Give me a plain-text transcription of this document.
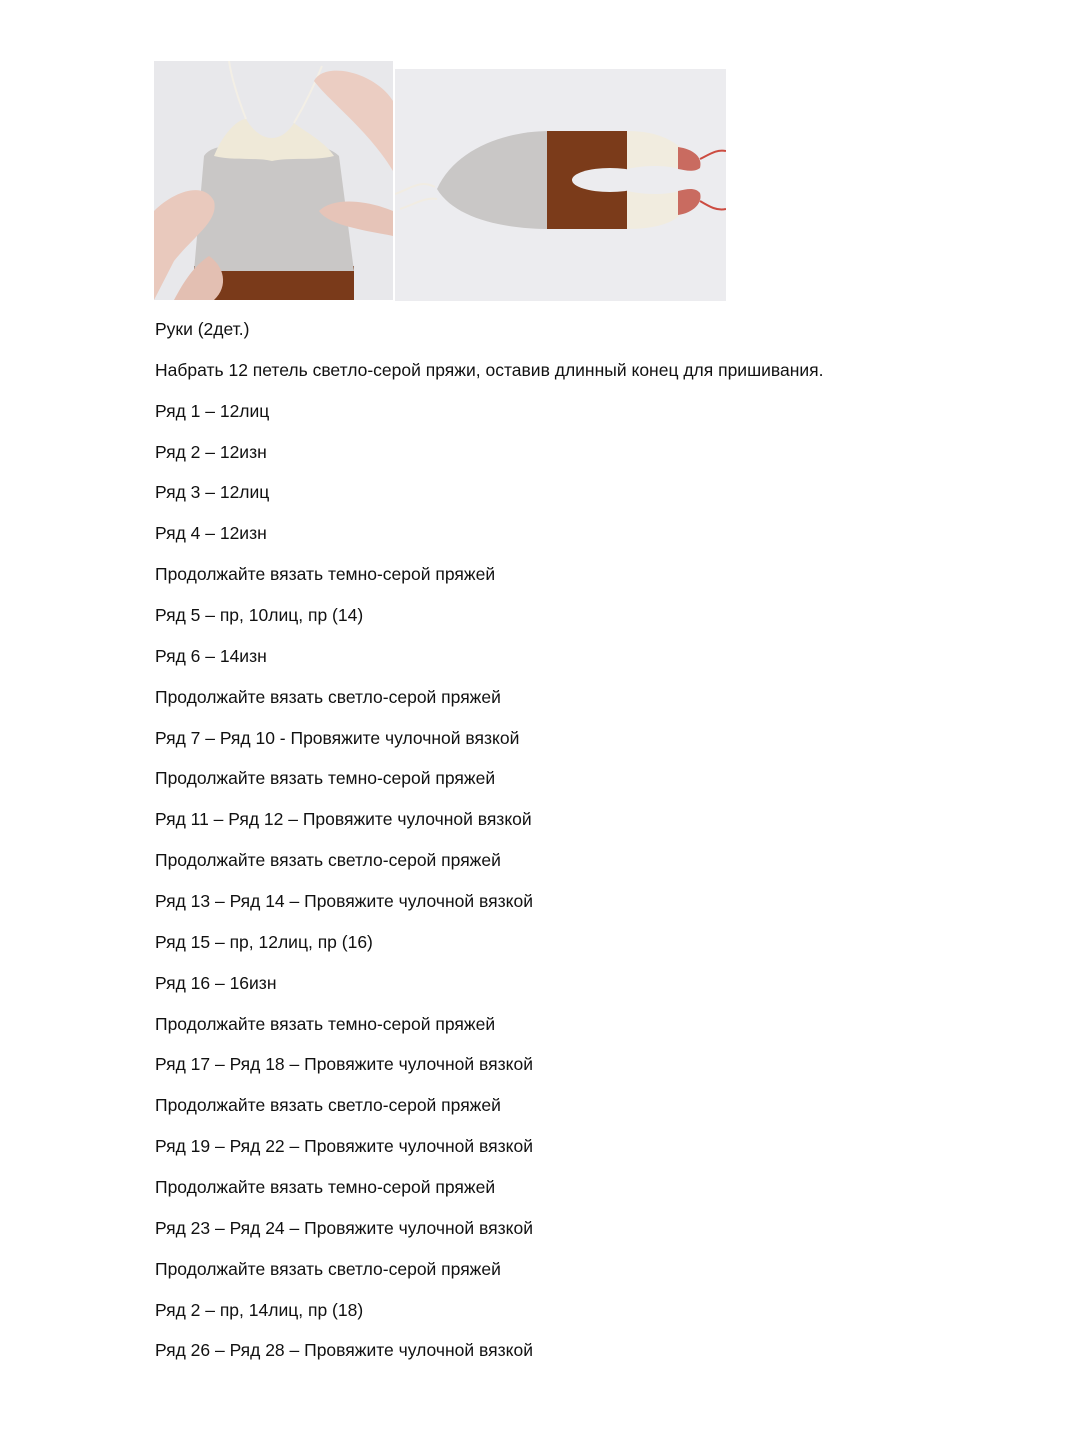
Руки (2дет.)
Набрать 12 петель светло-серой пряжи, оставив длинный конец для пришивания.
Ряд 1 – 12лиц
Ряд 2 – 12изн
Ряд 3 – 12лиц
Ряд 4 – 12изн
Продолжайте вязать темно-серой пряжей
Ряд 5 – пр, 10лиц, пр (14)
Ряд 6 – 14изн
Продолжайте вязать светло-серой пряжей
Ряд 7 – Ряд 10 - Провяжите чулочной вязкой
Продолжайте вязать темно-серой пряжей
Ряд 11 – Ряд 12 – Провяжите чулочной вязкой
Продолжайте вязать светло-серой пряжей
Ряд 13 – Ряд 14 – Провяжите чулочной вязкой
Ряд 15 – пр, 12лиц, пр (16)
Ряд 16 – 16изн
Продолжайте вязать темно-серой пряжей
Ряд 17 – Ряд 18 – Провяжите чулочной вязкой
Продолжайте вязать светло-серой пряжей
Ряд 19 – Ряд 22 – Провяжите чулочной вязкой
Продолжайте вязать темно-серой пряжей
Ряд 23 – Ряд 24 – Провяжите чулочной вязкой
Продолжайте вязать светло-серой пряжей
Ряд 2 – пр, 14лиц, пр (18)
Ряд 26 – Ряд 28 – Провяжите чулочной вязкой
